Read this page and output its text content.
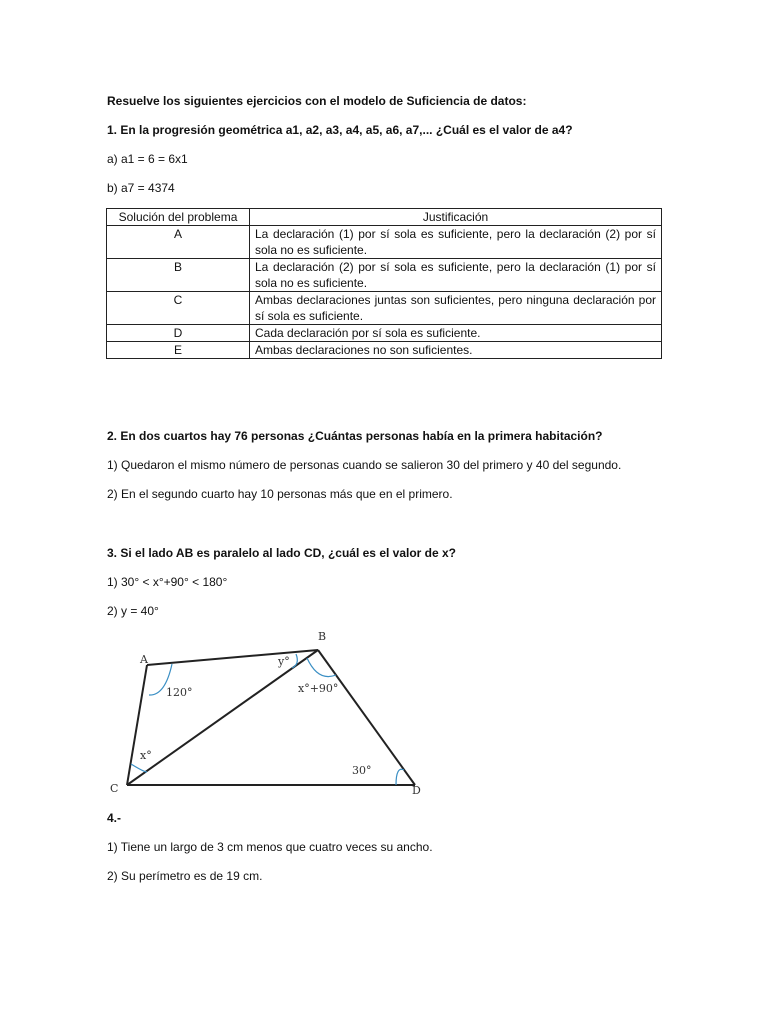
Resuelve los siguientes ejercicios con el modelo de Suficiencia de datos:

1. En la progresión geométrica a1, a2, a3, a4, a5, a6, a7,... ¿Cuál es el valor de a4?

a) a1 = 6 = 6x1

b) a7 = 4374

Solución del problema	Justificación
A	La declaración (1) por sí sola es suficiente, pero la declaración (2) por sí sola no es suficiente.
B	La declaración (2) por sí sola es suficiente, pero la declaración (1) por sí sola no es suficiente.
C	Ambas declaraciones juntas son suficientes, pero ninguna declaración por sí sola es suficiente.
D	Cada declaración por sí sola es suficiente.
E	Ambas declaraciones no son suficientes.

2. En dos cuartos hay 76 personas ¿Cuántas personas había en la primera habitación?

1) Quedaron el mismo número de personas cuando se salieron 30 del primero y 40 del segundo.

2) En el segundo cuarto hay 10 personas más que en el primero.

3. Si el lado AB es paralelo al lado CD, ¿cuál es el valor de x?

1) 30° < x°+90° < 180°

2) y = 40°

A
B
C	D
120°
y°
x°+90°
x°
30°

4.-

1) Tiene un largo de 3 cm menos que cuatro veces su ancho.

2) Su perímetro es de 19 cm.
